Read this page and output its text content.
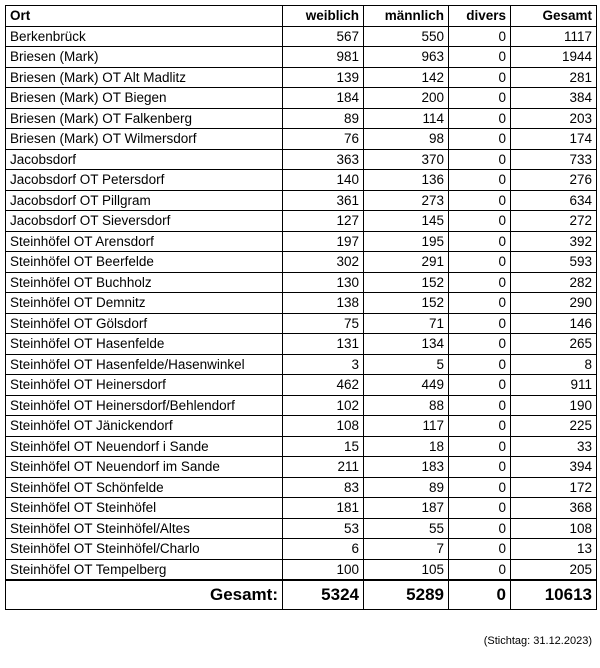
Ort	weiblich	männlich	divers	Gesamt
Berkenbrück	567	550	0	1117
Briesen (Mark)	981	963	0	1944
Briesen (Mark) OT Alt Madlitz	139	142	0	281
Briesen (Mark) OT Biegen	184	200	0	384
Briesen (Mark) OT Falkenberg	89	114	0	203
Briesen (Mark) OT Wilmersdorf	76	98	0	174
Jacobsdorf	363	370	0	733
Jacobsdorf OT Petersdorf	140	136	0	276
Jacobsdorf OT Pillgram	361	273	0	634
Jacobsdorf OT Sieversdorf	127	145	0	272
Steinhöfel OT Arensdorf	197	195	0	392
Steinhöfel OT Beerfelde	302	291	0	593
Steinhöfel OT Buchholz	130	152	0	282
Steinhöfel OT Demnitz	138	152	0	290
Steinhöfel OT Gölsdorf	75	71	0	146
Steinhöfel OT Hasenfelde	131	134	0	265
Steinhöfel OT Hasenfelde/Hasenwinkel	3	5	0	8
Steinhöfel OT Heinersdorf	462	449	0	911
Steinhöfel OT Heinersdorf/Behlendorf	102	88	0	190
Steinhöfel OT Jänickendorf	108	117	0	225
Steinhöfel OT Neuendorf i Sande	15	18	0	33
Steinhöfel OT Neuendorf im Sande	211	183	0	394
Steinhöfel OT Schönfelde	83	89	0	172
Steinhöfel OT Steinhöfel	181	187	0	368
Steinhöfel OT Steinhöfel/Altes	53	55	0	108
Steinhöfel OT Steinhöfel/Charlo	6	7	0	13
Steinhöfel OT Tempelberg	100	105	0	205
Gesamt:	5324	5289	0	10613
(Stichtag: 31.12.2023)
